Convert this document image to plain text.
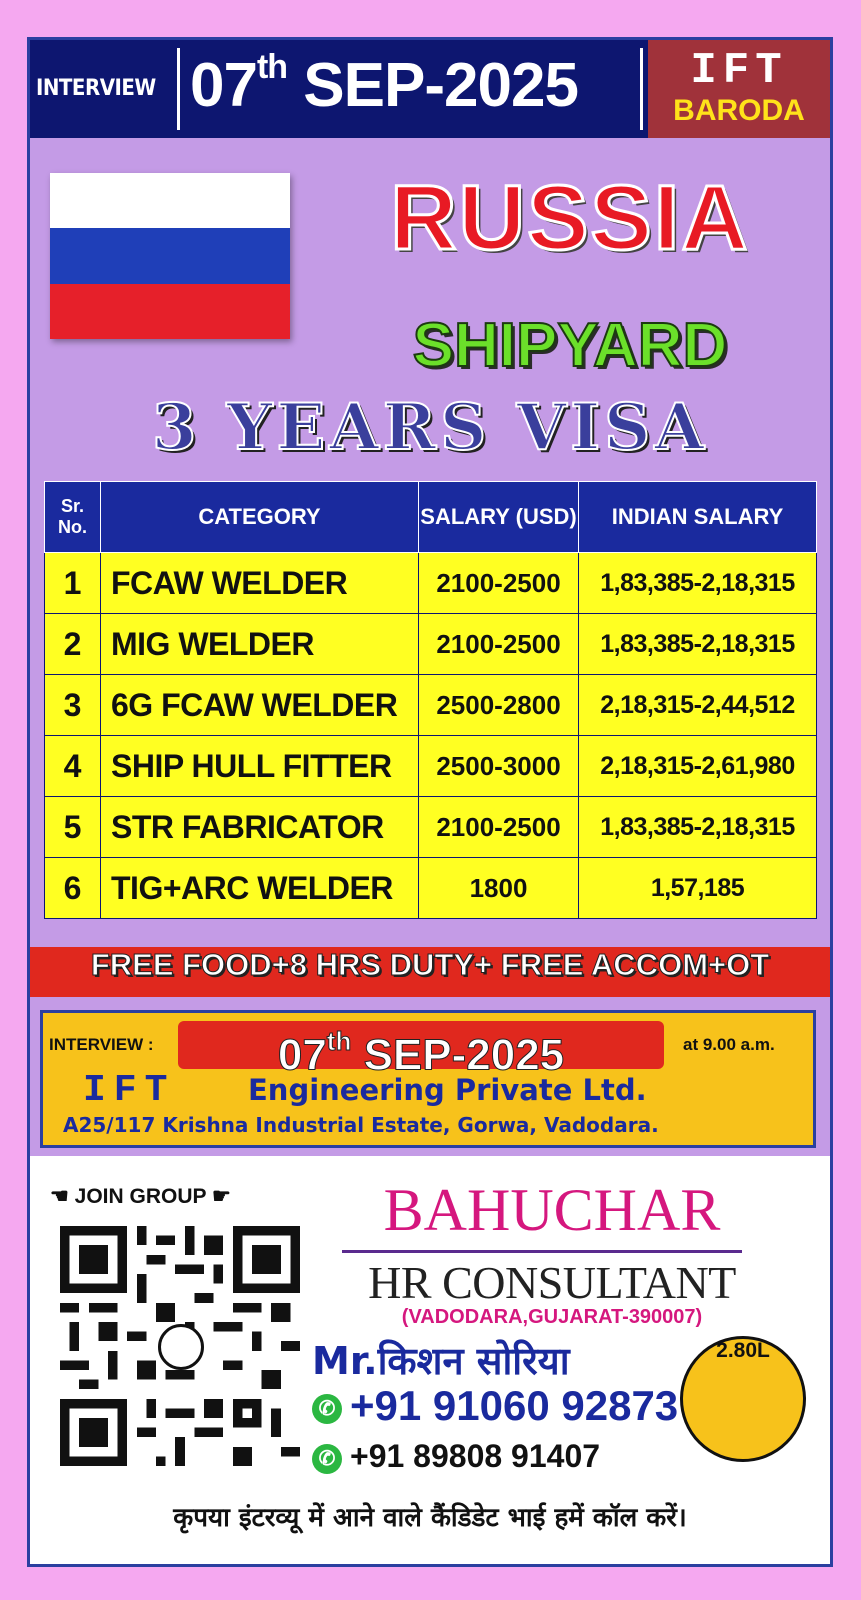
INTERVIEW 07th SEP-2025	IFT
BARODA
RUSSIA
SHIPYARD
3 YEARS VISA
Sr. No.	CATEGORY	SALARY (USD)	INDIAN SALARY
1	FCAW WELDER	2100-2500	1,83,385-2,18,315
2	MIG WELDER	2100-2500	1,83,385-2,18,315
3	6G FCAW WELDER	2500-2800	2,18,315-2,44,512
4	SHIP HULL FITTER	2500-3000	2,18,315-2,61,980
5	STR FABRICATOR	2100-2500	1,83,385-2,18,315
6	TIG+ARC WELDER	1800	1,57,185
FREE FOOD+8 HRS DUTY+ FREE ACCOM+OT
INTERVIEW :	07th SEP-2025	at 9.00 a.m.
IFT	Engineering Private Ltd.
A25/117 Krishna Industrial Estate, Gorwa, Vadodara.
☚ JOIN GROUP ☛	BAHUCHAR
HR CONSULTANT
(VADODARA,GUJARAT-390007)
Mr.किशन सोरिया
✆ +91 91060 92873
✆ +91 89808 91407
2.80L
कृपया इंटरव्यू में आने वाले कैंडिडेट भाई हमें कॉल करें।
